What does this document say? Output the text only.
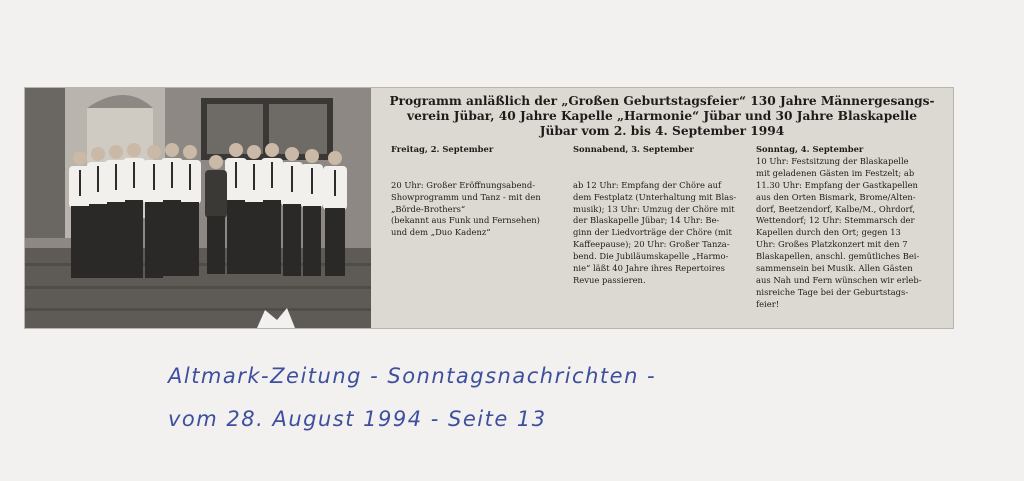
Programm anläßlich der „Großen Geburtstagsfeier“ 130 Jahre Männergesangs-
verein Jübar, 40 Jahre Kapelle „Harmonie“ Jübar und 30 Jahre Blaskapelle
Jübar vom 2. bis 4. September 1994
Freitag, 2. September

20 Uhr: Großer Eröffnungsabend-
Showprogramm und Tanz - mit den
„Börde-Brothers“
(bekannt aus Funk und Fernsehen)
und dem „Duo Kadenz“
Sonnabend, 3. September

ab 12 Uhr: Empfang der Chöre auf
dem Festplatz (Unterhaltung mit Blas-
musik); 13 Uhr: Umzug der Chöre mit
der Blaskapelle Jübar; 14 Uhr: Be-
ginn der Liedvorträge der Chöre (mit
Kaffeepause); 20 Uhr: Großer Tanza-
bend. Die Jubiläumskapelle „Harmo-
nie“ läßt 40 Jahre ihres Repertoires
Revue passieren.
Sonntag, 4. September
10 Uhr: Festsitzung der Blaskapelle
mit geladenen Gästen im Festzelt; ab
11.30 Uhr: Empfang der Gastkapellen
aus den Orten Bismark, Brome/Alten-
dorf, Beetzendorf, Kalbe/M., Ohrdorf,
Wettendorf; 12 Uhr: Stemmarsch der
Kapellen durch den Ort; gegen 13
Uhr: Großes Platzkonzert mit den 7
Blaskapellen, anschl. gemütliches Bei-
sammensein bei Musik. Allen Gästen
aus Nah und Fern wünschen wir erleb-
nisreiche Tage bei der Geburtstags-
feier!
Altmark-Zeitung - Sonntagsnachrichten -
vom 28. August 1994 - Seite 13
